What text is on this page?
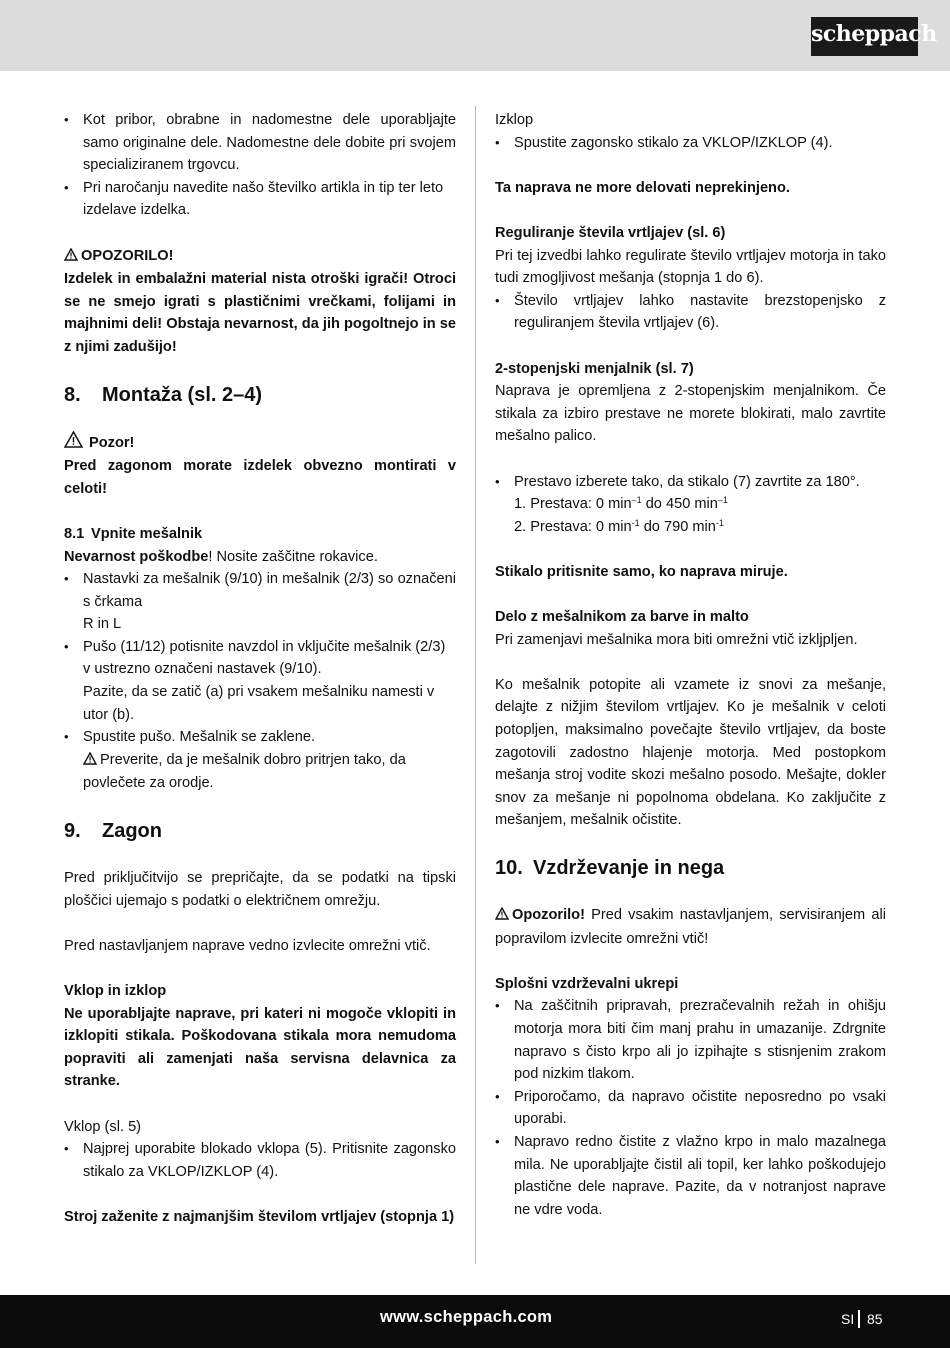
scheppach

• Kot pribor, obrabne in nadomestne dele uporabljajte samo originalne dele. Nadomestne dele dobite pri svojem specializiranem trgovcu.

• Pri naročanju navedite našo številko artikla in tip ter leto izdelave izdelka.

OPOZORILO!

Izdelek in embalažni material nista otroški igrači! Otroci se ne smejo igrati s plastičnimi vrečkami, folijami in majhnimi deli! Obstaja nevarnost, da jih pogoltnejo in se z njimi zadušijo!

8. Montaža (sl. 2–4)

Pozor!

Pred zagonom morate izdelek obvezno montirati v celoti!

8.1 Vpnite mešalnik

Nevarnost poškodbe! Nosite zaščitne rokavice.

• Nastavki za mešalnik (9/10) in mešalnik (2/3) so označeni s črkama

R in L

• Pušo (11/12) potisnite navzdol in vključite mešalnik (2/3) v ustrezno označeni nastavek (9/10).

Pazite, da se zatič (a) pri vsakem mešalniku namesti v utor (b).

• Spustite pušo. Mešalnik se zaklene.

Preverite, da je mešalnik dobro pritrjen tako, da povlečete za orodje.

9. Zagon

Pred priključitvijo se prepričajte, da se podatki na tipski ploščici ujemajo s podatki o električnem omrežju.

Pred nastavljanjem naprave vedno izvlecite omrežni vtič.

Vklop in izklop

Ne uporabljajte naprave, pri kateri ni mogoče vklopiti in izklopiti stikala. Poškodovana stikala mora nemudoma popraviti ali zamenjati naša servisna delavnica za stranke.

Vklop (sl. 5)

• Najprej uporabite blokado vklopa (5). Pritisnite zagonsko stikalo za VKLOP/IZKLOP (4).

Stroj zaženite z najmanjšim številom vrtljajev (stopnja 1)

Izklop

• Spustite zagonsko stikalo za VKLOP/IZKLOP (4).

Ta naprava ne more delovati neprekinjeno.

Reguliranje števila vrtljajev (sl. 6)

Pri tej izvedbi lahko regulirate število vrtljajev motorja in tako tudi zmogljivost mešanja (stopnja 1 do 6).

• Število vrtljajev lahko nastavite brezstopenjsko z reguliranjem števila vrtljajev (6).

2-stopenjski menjalnik (sl. 7)

Naprava je opremljena z 2-stopenjskim menjalnikom. Če stikala za izbiro prestave ne morete blokirati, malo zavrtite mešalno palico.

• Prestavo izberete tako, da stikalo (7) zavrtite za 180°.

1. Prestava: 0 $\min^{-1}$ do 450 $\min^{-1}$

2. Prestava: 0 $\min^{-1}$ do 790 $\min^{-1}$

Stikalo pritisnite samo, ko naprava miruje.

Delo z mešalnikom za barve in malto

Pri zamenjavi mešalnika mora biti omrežni vtič izkljplјen.

Ko mešalnik potopite ali vzamete iz snovi za mešanje, delajte z nižjim številom vrtljajev. Ko je mešalnik v celoti potopljen, maksimalno povečajte število vrtljajev, da boste zagotovili zadostno hlajenje motorja. Med postopkom mešanja stroj vodite skozi mešalno posodo. Mešajte, dokler snov za mešanje ni popolnoma obdelana. Ko zaključite z mešanjem, mešalnik očistite.

10. Vzdrževanje in nega

Opozorilo! Pred vsakim nastavljanjem, servisiranjem ali popravilom izvlecite omrežni vtič!

Splošni vzdrževalni ukrepi

• Na zaščitnih pripravah, prezračevalnih režah in ohišju motorja mora biti čim manj prahu in umazanije. Zdrgnite napravo s čisto krpo ali jo izpihajte s stisnjenim zrakom pod nizkim tlakom.

• Priporočamo, da napravo očistite neposredno po vsaki uporabi.

• Napravo redno čistite z vlažno krpo in malo mazalnega mila. Ne uporabljajte čistil ali topil, ker lahko poškodujejo plastične dele naprave. Pazite, da v notranjost naprave ne vdre voda.

www.scheppach.com	SI 85
